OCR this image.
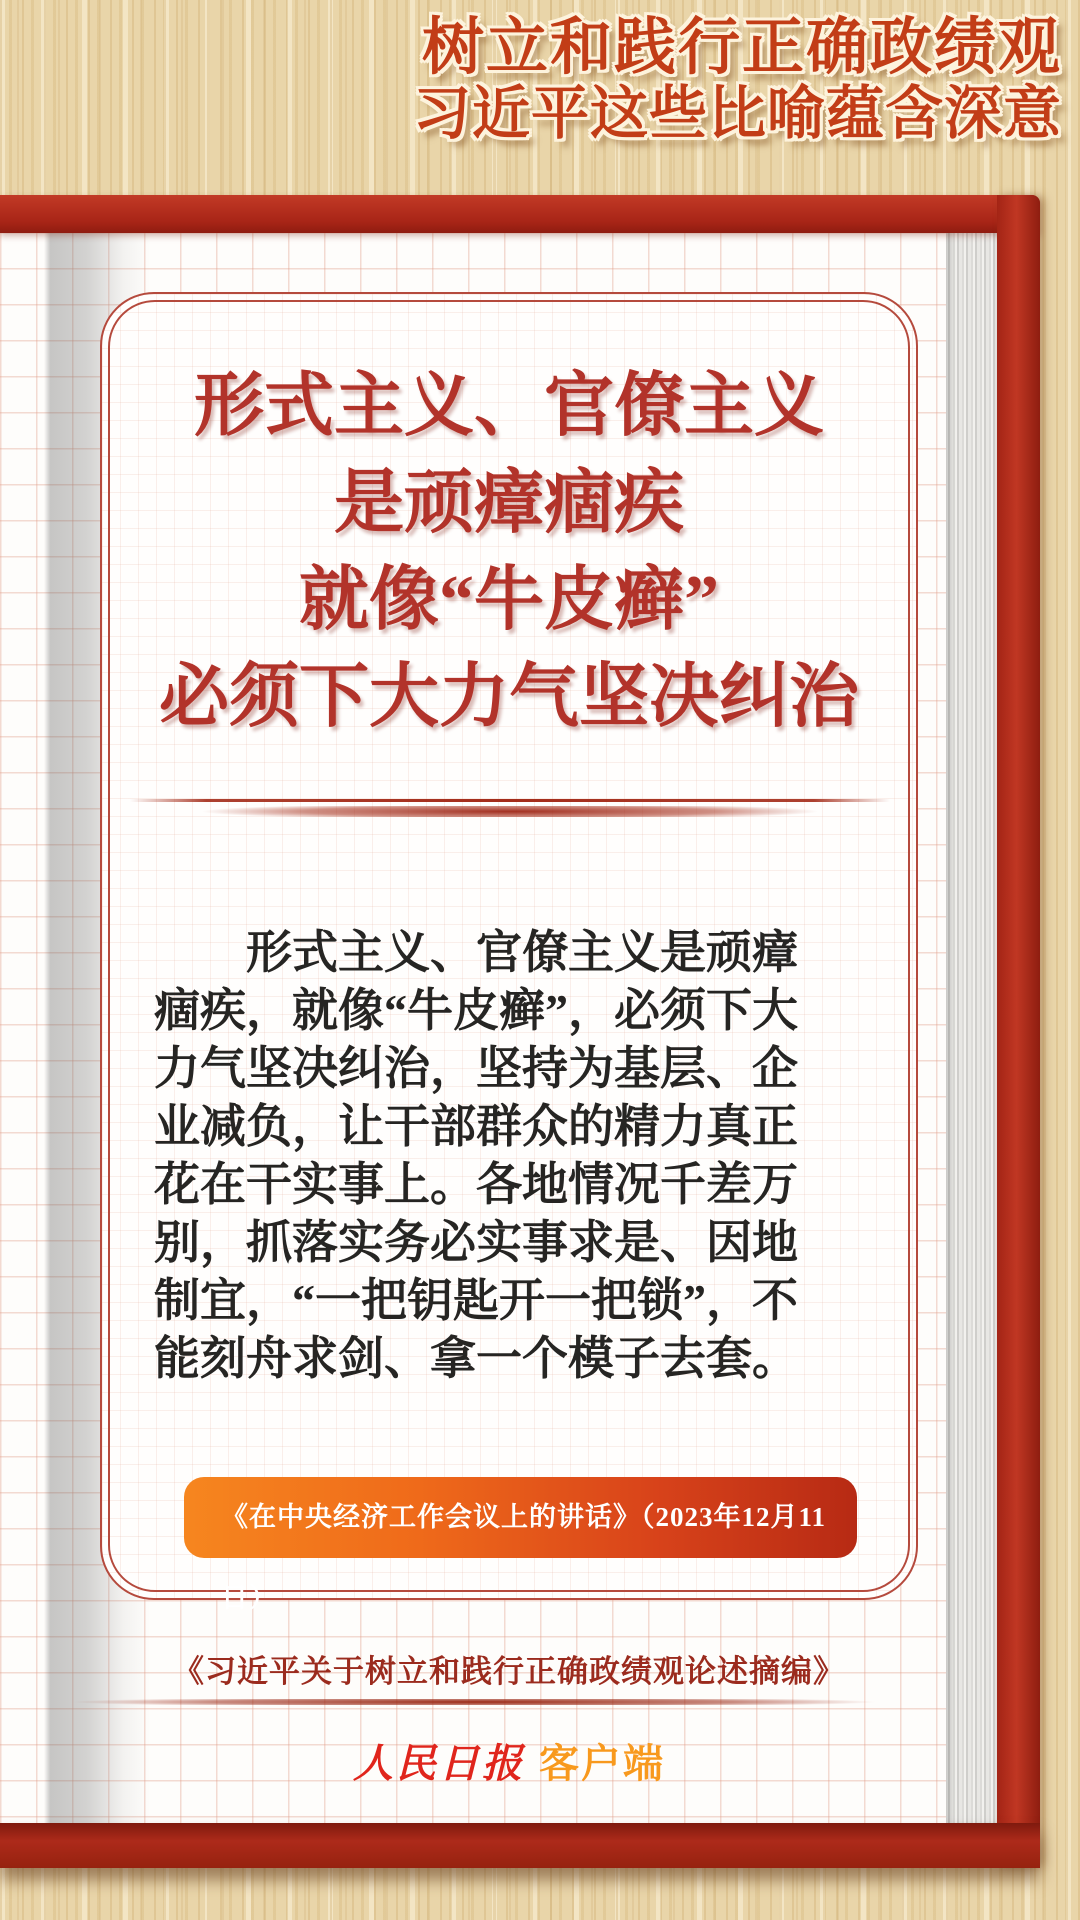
树立和践行正确政绩观
习近平这些比喻蕴含深意
形式主义、官僚主义
是顽瘴痼疾
就像“牛皮癣”
必须下大力气坚决纠治
形式主义、官僚主义是顽瘴
痼疾，就像“牛皮癣”，必须下大
力气坚决纠治，坚持为基层、企
业减负，让干部群众的精力真正
花在干实事上。各地情况千差万
别，抓落实务必实事求是、因地
制宜，“一把钥匙开一把锁”，不
能刻舟求剑、拿一个模子去套。
《在中央经济工作会议上的讲话》（2023年12月11日）
《习近平关于树立和践行正确政绩观论述摘编》
人民日报 客户端
